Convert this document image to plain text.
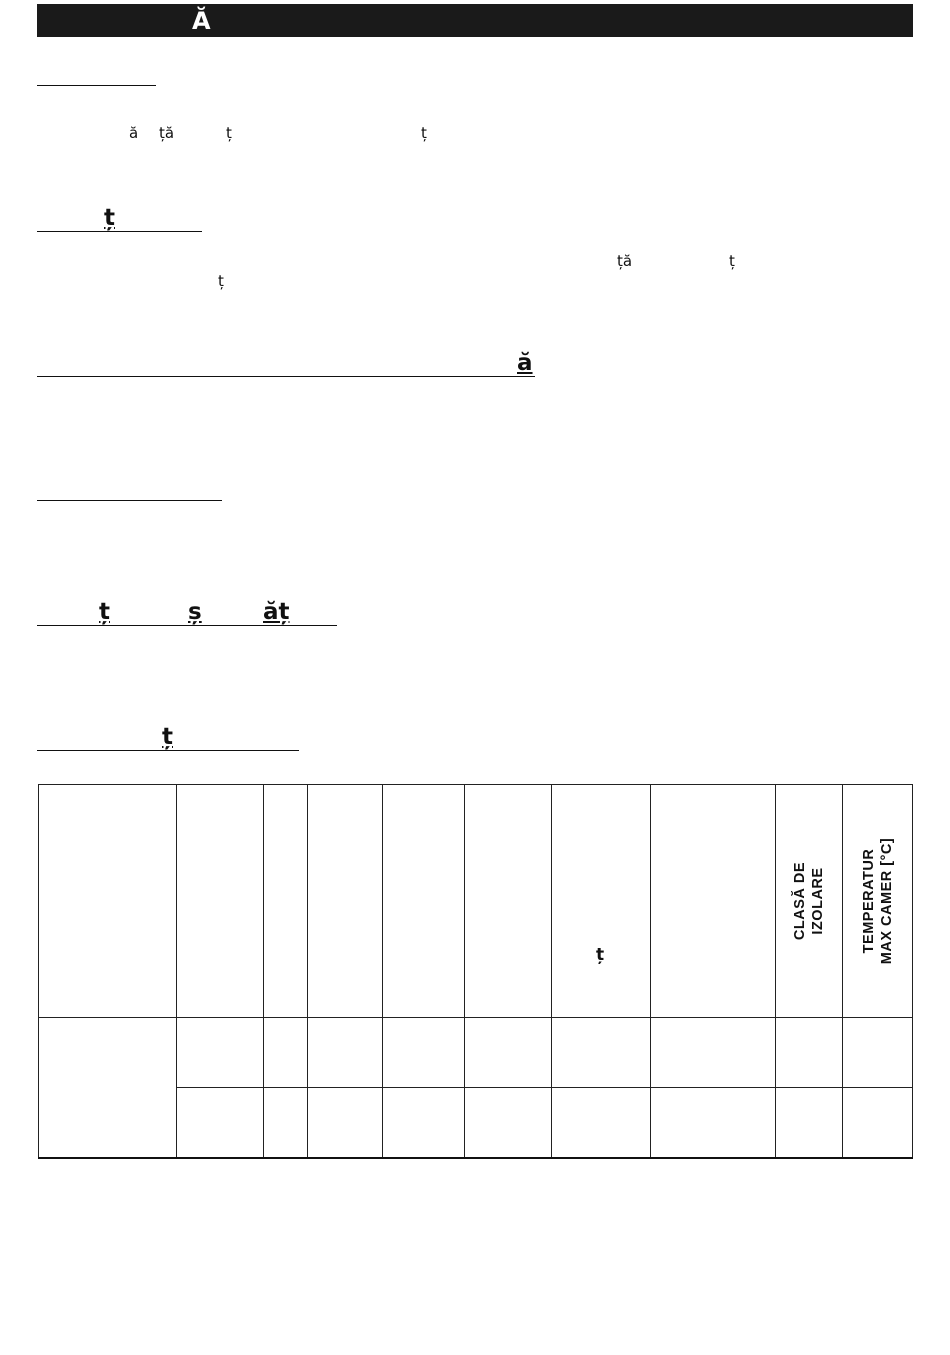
Ă
ă ță	ț	ț
ț
ță	ț
ț
ă
ț	ș	ăț
ț

						ț		CLASĂ DE IZOLARE	TEMPERATUR MAX CAMER [°C]
